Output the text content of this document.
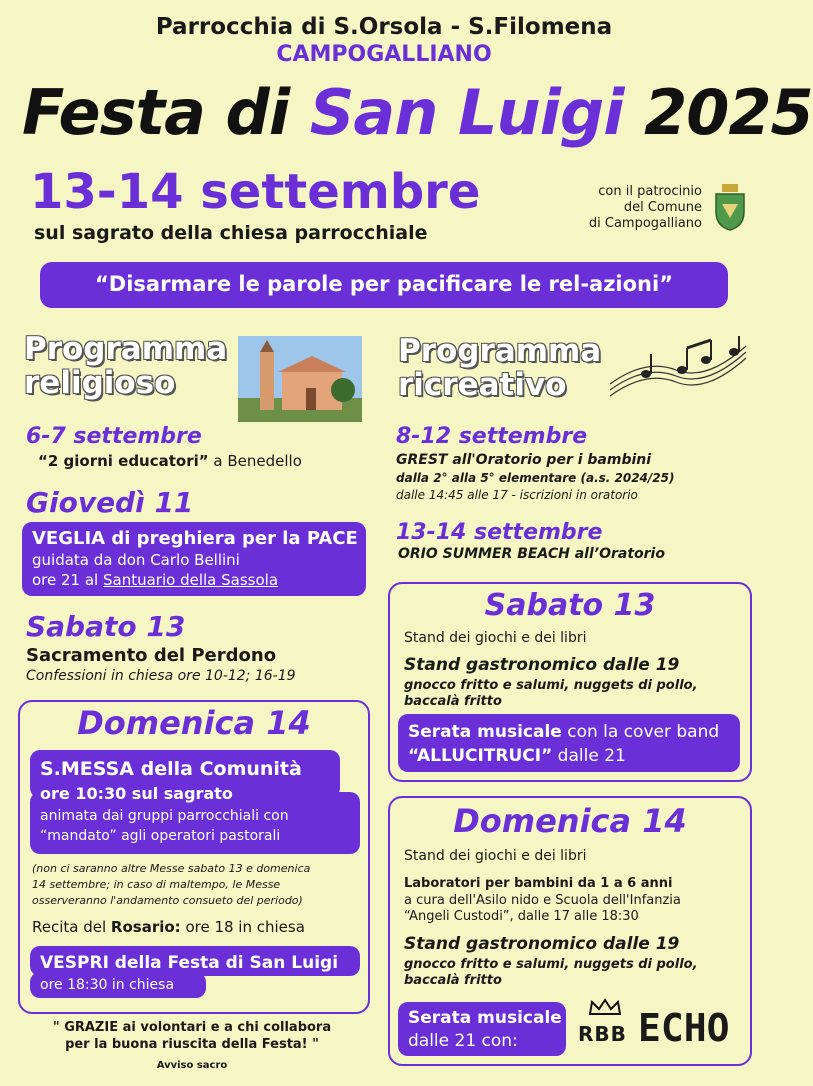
Parrocchia di S.Orsola - S.Filomena
CAMPOGALLIANO
Festa di San Luigi 2025
13-14 settembre
sul sagrato della chiesa parrocchiale
con il patrocinio
del Comune
di Campogalliano
“Disarmare le parole per pacificare le rel-azioni”
Programma
religioso
6-7 settembre
“2 giorni educatori” a Benedello
Giovedì 11
VEGLIA di preghiera per la PACE
guidata da don Carlo Bellini
ore 21 al Santuario della Sassola
Sabato 13
Sacramento del Perdono
Confessioni in chiesa ore 10-12; 16-19
Domenica 14
S.MESSA della Comunità
ore 10:30 sul sagrato
animata dai gruppi parrocchiali con
“mandato” agli operatori pastorali
(non ci saranno altre Messe sabato 13 e domenica
14 settembre; in caso di maltempo, le Messe
osserveranno l'andamento consueto del periodo)
Recita del Rosario: ore 18 in chiesa
VESPRI della Festa di San Luigi
ore 18:30 in chiesa
" GRAZIE ai volontari e a chi collabora
per la buona riuscita della Festa! "
Avviso sacro
Programma
ricreativo
8-12 settembre
GREST all'Oratorio per i bambini
dalla 2° alla 5° elementare (a.s. 2024/25)
dalle 14:45 alle 17 - iscrizioni in oratorio
13-14 settembre
ORIO SUMMER BEACH all’Oratorio
Sabato 13
Stand dei giochi e dei libri
Stand gastronomico dalle 19
gnocco fritto e salumi, nuggets di pollo,
baccalà fritto
Serata musicale con la cover band
“ALLUCITRUCI” dalle 21
Domenica 14
Stand dei giochi e dei libri
Laboratori per bambini da 1 a 6 anni
a cura dell'Asilo nido e Scuola dell'Infanzia
“Angeli Custodi”, dalle 17 alle 18:30
Stand gastronomico dalle 19
gnocco fritto e salumi, nuggets di pollo,
baccalà fritto
Serata musicale
dalle 21 con:	RBB ECHO
